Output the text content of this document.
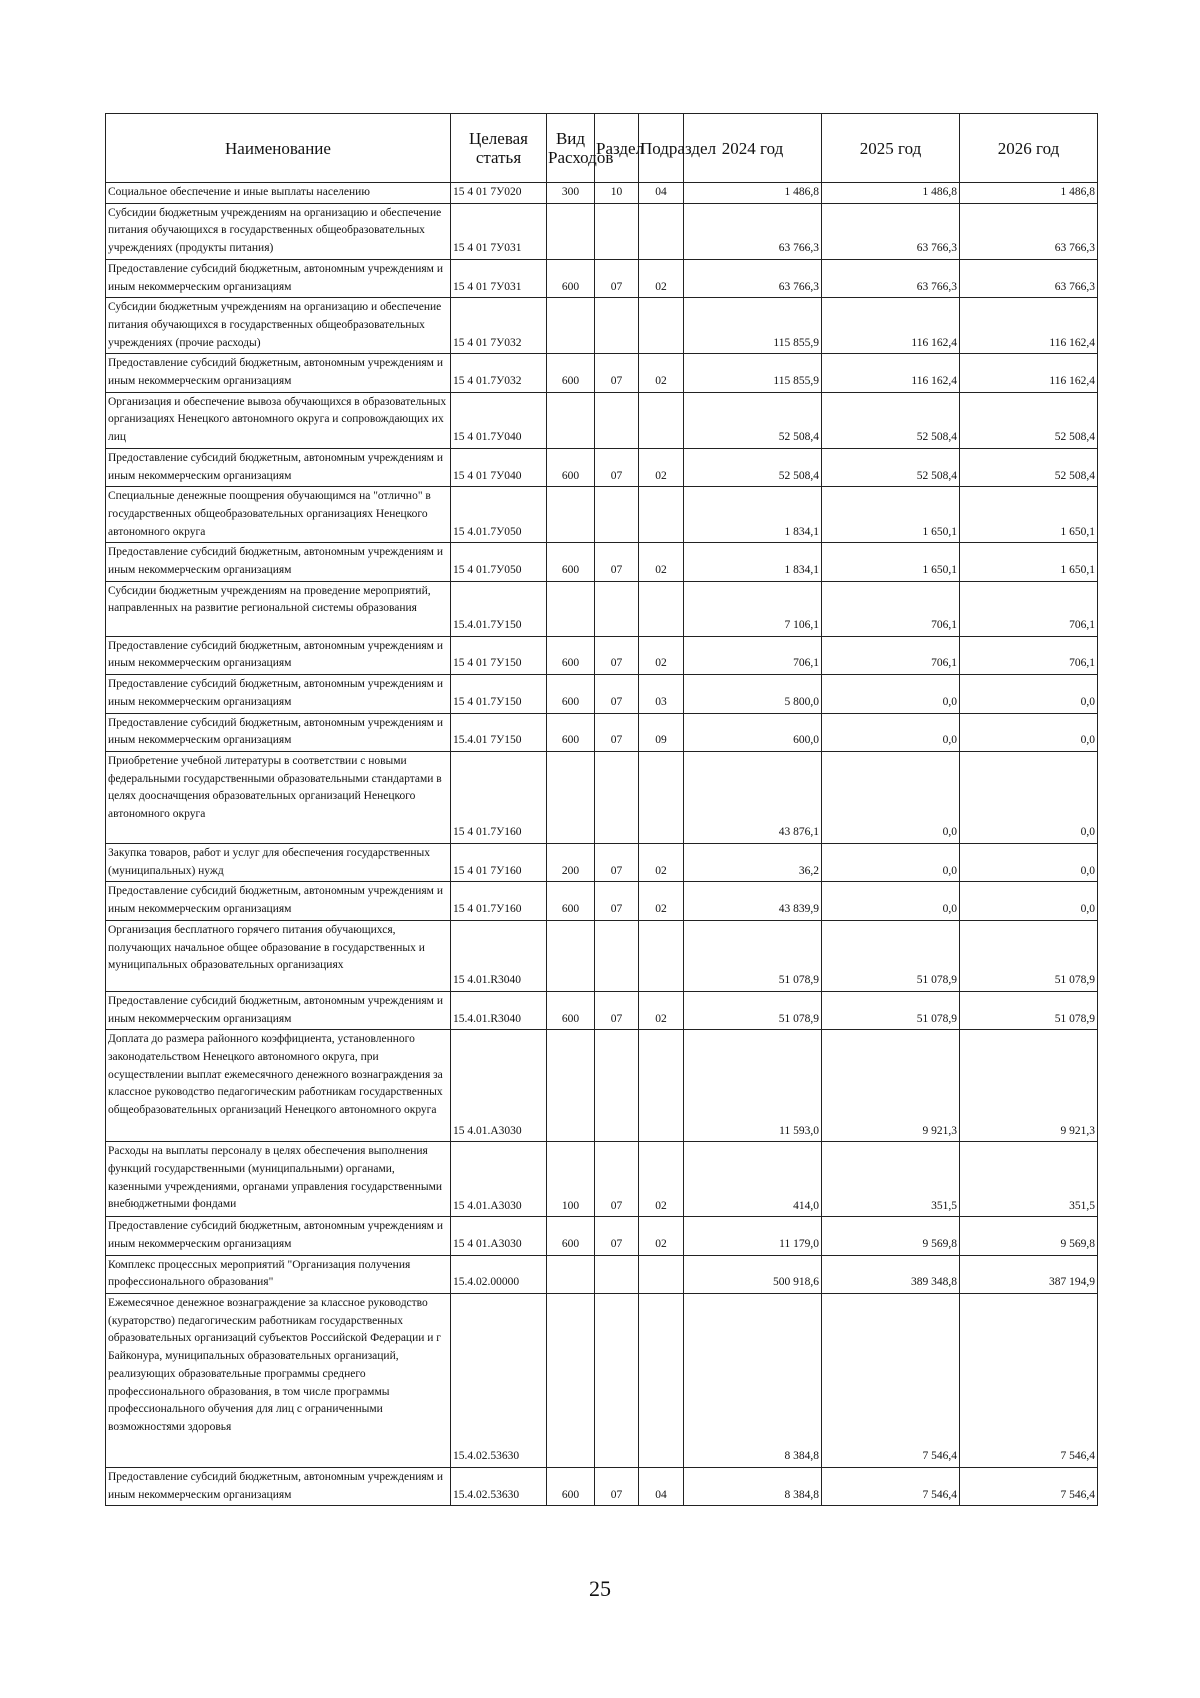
Наименование	Целевая статья	Вид Расходов	Раздел	Подраздел	2024 год	2025 год	2026 год
Социальное обеспечение и иные выплаты населению	15 4 01 7У020	300	10	04	1 486,8	1 486,8	1 486,8
Субсидии бюджетным учреждениям на организацию и обеспечение питания обучающихся в государственных общеобразовательных учреждениях (продукты питания)	15 4 01 7У031				63 766,3	63 766,3	63 766,3
Предоставление субсидий бюджетным, автономным учреждениям и иным некоммерческим организациям	15 4 01 7У031	600	07	02	63 766,3	63 766,3	63 766,3
Субсидии бюджетным учреждениям на организацию и обеспечение питания обучающихся в государственных общеобразовательных учреждениях (прочие расходы)	15 4 01 7У032				115 855,9	116 162,4	116 162,4
Предоставление субсидий бюджетным, автономным учреждениям и иным некоммерческим организациям	15 4 01.7У032	600	07	02	115 855,9	116 162,4	116 162,4
Организация и обеспечение вывоза обучающихся в образовательных организациях Ненецкого автономного округа и сопровождающих их лиц	15 4 01.7У040				52 508,4	52 508,4	52 508,4
Предоставление субсидий бюджетным, автономным учреждениям и иным некоммерческим организациям	15 4 01 7У040	600	07	02	52 508,4	52 508,4	52 508,4
Специальные денежные поощрения обучающимся на "отлично" в государственных общеобразовательных организациях Ненецкого автономного округа	15 4.01.7У050				1 834,1	1 650,1	1 650,1
Предоставление субсидий бюджетным, автономным учреждениям и иным некоммерческим организациям	15 4 01.7У050	600	07	02	1 834,1	1 650,1	1 650,1
Субсидии бюджетным учреждениям на проведение мероприятий, направленных на развитие региональной системы образования	15.4.01.7У150				7 106,1	706,1	706,1
Предоставление субсидий бюджетным, автономным учреждениям и иным некоммерческим организациям	15 4 01 7У150	600	07	02	706,1	706,1	706,1
Предоставление субсидий бюджетным, автономным учреждениям и иным некоммерческим организациям	15 4 01.7У150	600	07	03	5 800,0	0,0	0,0
Предоставление субсидий бюджетным, автономным учреждениям и иным некоммерческим организациям	15.4.01 7У150	600	07	09	600,0	0,0	0,0
Приобретение учебной литературы в соответствии с новыми федеральными государственными образовательными стандартами в целях доосначщения образовательных организаций Ненецкого автономного округа	15 4 01.7У160				43 876,1	0,0	0,0
Закупка товаров, работ и услуг для обеспечения государственных (муниципальных) нужд	15 4 01 7У160	200	07	02	36,2	0,0	0,0
Предоставление субсидий бюджетным, автономным учреждениям и иным некоммерческим организациям	15 4 01.7У160	600	07	02	43 839,9	0,0	0,0
Организация бесплатного горячего питания обучающихся, получающих начальное общее образование в государственных и муниципальных образовательных организациях	15 4.01.R3040				51 078,9	51 078,9	51 078,9
Предоставление субсидий бюджетным, автономным учреждениям и иным некоммерческим организациям	15.4.01.R3040	600	07	02	51 078,9	51 078,9	51 078,9
Доплата до размера районного коэффициента, установленного законодательством Ненецкого автономного округа, при осуществлении выплат ежемесячного денежного вознаграждения за классное руководство педагогическим работникам государственных общеобразовательных организаций Ненецкого автономного округа	15 4.01.А3030				11 593,0	9 921,3	9 921,3
Расходы на выплаты персоналу в целях обеспечения выполнения функций государственными (муниципальными) органами, казенными учреждениями, органами управления государственными внебюджетными фондами	15 4.01.А3030	100	07	02	414,0	351,5	351,5
Предоставление субсидий бюджетным, автономным учреждениям и иным некоммерческим организациям	15 4 01.А3030	600	07	02	11 179,0	9 569,8	9 569,8
Комплекс процессных мероприятий "Организация получения профессионального образования"	15.4.02.00000				500 918,6	389 348,8	387 194,9
Ежемесячное денежное вознаграждение за классное руководство (кураторство) педагогическим работникам государственных образовательных организаций субъектов Российской Федерации и г Байконура, муниципальных образовательных организаций, реализующих образовательные программы среднего профессионального образования, в том числе программы профессионального обучения для лиц с ограниченными возможностями здоровья	15.4.02.53630				8 384,8	7 546,4	7 546,4
Предоставление субсидий бюджетным, автономным учреждениям и иным некоммерческим организациям	15.4.02.53630	600	07	04	8 384,8	7 546,4	7 546,4
25
